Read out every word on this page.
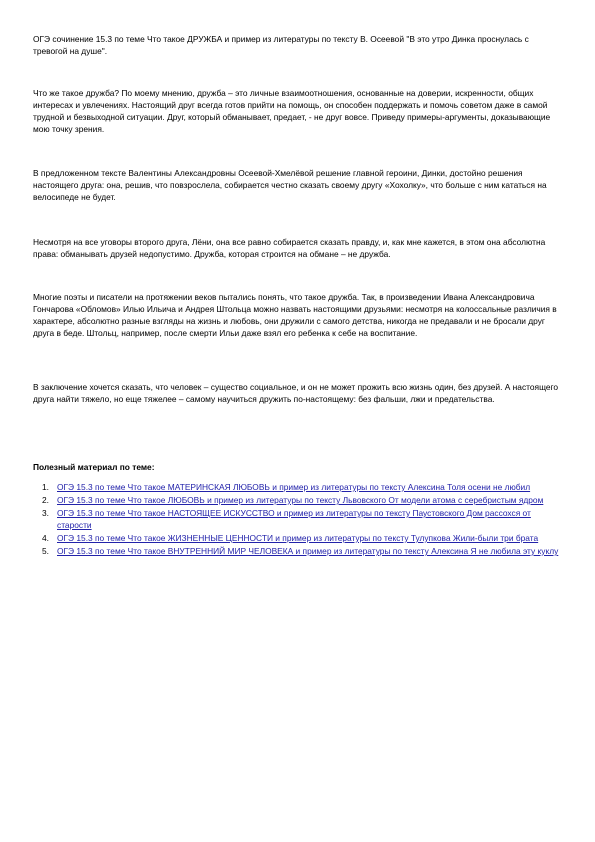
ОГЭ сочинение 15.3 по теме Что такое ДРУЖБА и пример из литературы по тексту В. Осеевой "В это утро Динка проснулась с тревогой на душе".

Что же такое дружба? По моему мнению, дружба – это личные взаимоотношения, основанные на доверии, искренности, общих интересах и увлечениях. Настоящий друг всегда готов прийти на помощь, он способен поддержать и помочь советом даже в самой трудной и безвыходной ситуации. Друг, который обманывает, предает, - не друг вовсе. Приведу примеры-аргументы, доказывающие мою точку зрения.

В предложенном тексте Валентины Александровны Осеевой-Хмелёвой решение главной героини, Динки, достойно решения настоящего друга: она, решив, что повзрослела, собирается честно сказать своему другу «Хохолку», что больше с ним кататься на велосипеде не будет.

Несмотря на все уговоры второго друга, Лёни, она все равно собирается сказать правду, и, как мне кажется, в этом она абсолютна права: обманывать друзей недопустимо. Дружба, которая строится на обмане – не дружба.

Многие поэты и писатели на протяжении веков пытались понять, что такое дружба. Так, в произведении Ивана Александровича Гончарова «Обломов» Илью Ильича и Андрея Штольца можно назвать настоящими друзьями: несмотря на колоссальные различия в характере, абсолютно разные взгляды на жизнь и любовь, они дружили с самого детства, никогда не предавали и не бросали друг друга в беде. Штольц, например, после смерти Ильи даже взял его ребенка к себе на воспитание.

В заключение хочется сказать, что человек – существо социальное, и он не может прожить всю жизнь один, без друзей. А настоящего друга найти тяжело, но еще тяжелее – самому научиться дружить по-настоящему: без фальши, лжи и предательства.

Полезный материал по теме:

1. ОГЭ 15.3 по теме Что такое МАТЕРИНСКАЯ ЛЮБОВЬ и пример из литературы по тексту Алексина Толя осени не любил
2. ОГЭ 15.3 по теме Что такое ЛЮБОВЬ и пример из литературы по тексту Львовского От модели атома с серебристым ядром
3. ОГЭ 15.3 по теме Что такое НАСТОЯЩЕЕ ИСКУССТВО и пример из литературы по тексту Паустовского Дом рассохся от старости
4. ОГЭ 15.3 по теме Что такое ЖИЗНЕННЫЕ ЦЕННОСТИ и пример из литературы по тексту Тулупкова Жили-были три брата
5. ОГЭ 15.3 по теме Что такое ВНУТРЕННИЙ МИР ЧЕЛОВЕКА и пример из литературы по тексту Алексина Я не любила эту куклу
